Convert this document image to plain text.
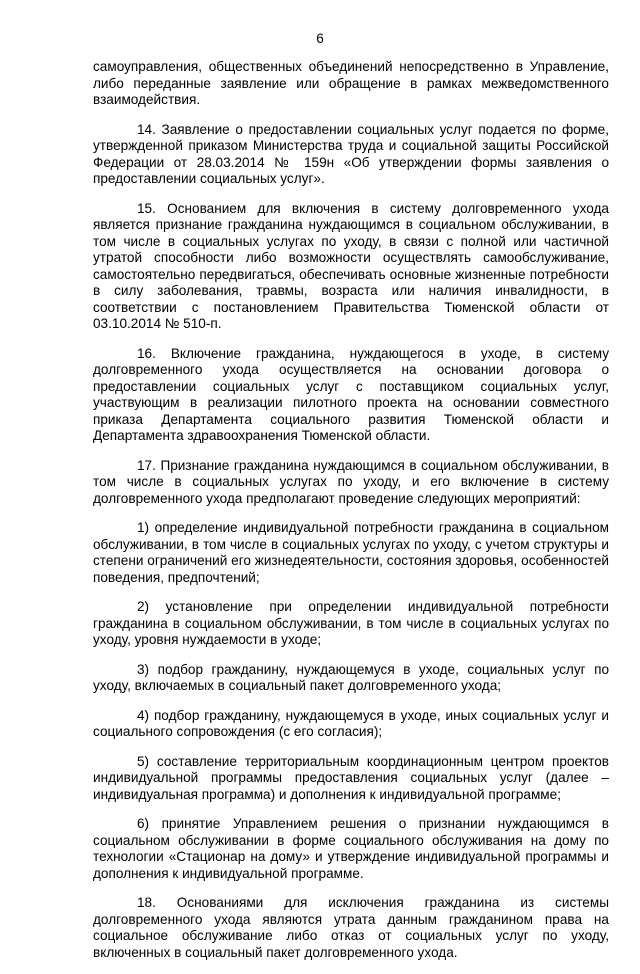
6

самоуправления, общественных объединений непосредственно в Управление, либо переданные заявление или обращение в рамках межведомственного взаимодействия.

14. Заявление о предоставлении социальных услуг подается по форме, утвержденной приказом Министерства труда и социальной защиты Российской Федерации от 28.03.2014 № 159н «Об утверждении формы заявления о предоставлении социальных услуг».

15. Основанием для включения в систему долговременного ухода является признание гражданина нуждающимся в социальном обслуживании, в том числе в социальных услугах по уходу, в связи с полной или частичной утратой способности либо возможности осуществлять самообслуживание, самостоятельно передвигаться, обеспечивать основные жизненные потребности в силу заболевания, травмы, возраста или наличия инвалидности, в соответствии с постановлением Правительства Тюменской области от 03.10.2014 № 510-п.

16. Включение гражданина, нуждающегося в уходе, в систему долговременного ухода осуществляется на основании договора о предоставлении социальных услуг с поставщиком социальных услуг, участвующим в реализации пилотного проекта на основании совместного приказа Департамента социального развития Тюменской области и Департамента здравоохранения Тюменской области.

17. Признание гражданина нуждающимся в социальном обслуживании, в том числе в социальных услугах по уходу, и его включение в систему долговременного ухода предполагают проведение следующих мероприятий:

1) определение индивидуальной потребности гражданина в социальном обслуживании, в том числе в социальных услугах по уходу, с учетом структуры и степени ограничений его жизнедеятельности, состояния здоровья, особенностей поведения, предпочтений;

2) установление при определении индивидуальной потребности гражданина в социальном обслуживании, в том числе в социальных услугах по уходу, уровня нуждаемости в уходе;

3) подбор гражданину, нуждающемуся в уходе, социальных услуг по уходу, включаемых в социальный пакет долговременного ухода;

4) подбор гражданину, нуждающемуся в уходе, иных социальных услуг и социального сопровождения (с его согласия);

5) составление территориальным координационным центром проектов индивидуальной программы предоставления социальных услуг (далее – индивидуальная программа) и дополнения к индивидуальной программе;

6) принятие Управлением решения о признании нуждающимся в социальном обслуживании в форме социального обслуживания на дому по технологии «Стационар на дому» и утверждение индивидуальной программы и дополнения к индивидуальной программе.

18. Основаниями для исключения гражданина из системы долговременного ухода являются утрата данным гражданином права на социальное обслуживание либо отказ от социальных услуг по уходу, включенных в социальный пакет долговременного ухода.
